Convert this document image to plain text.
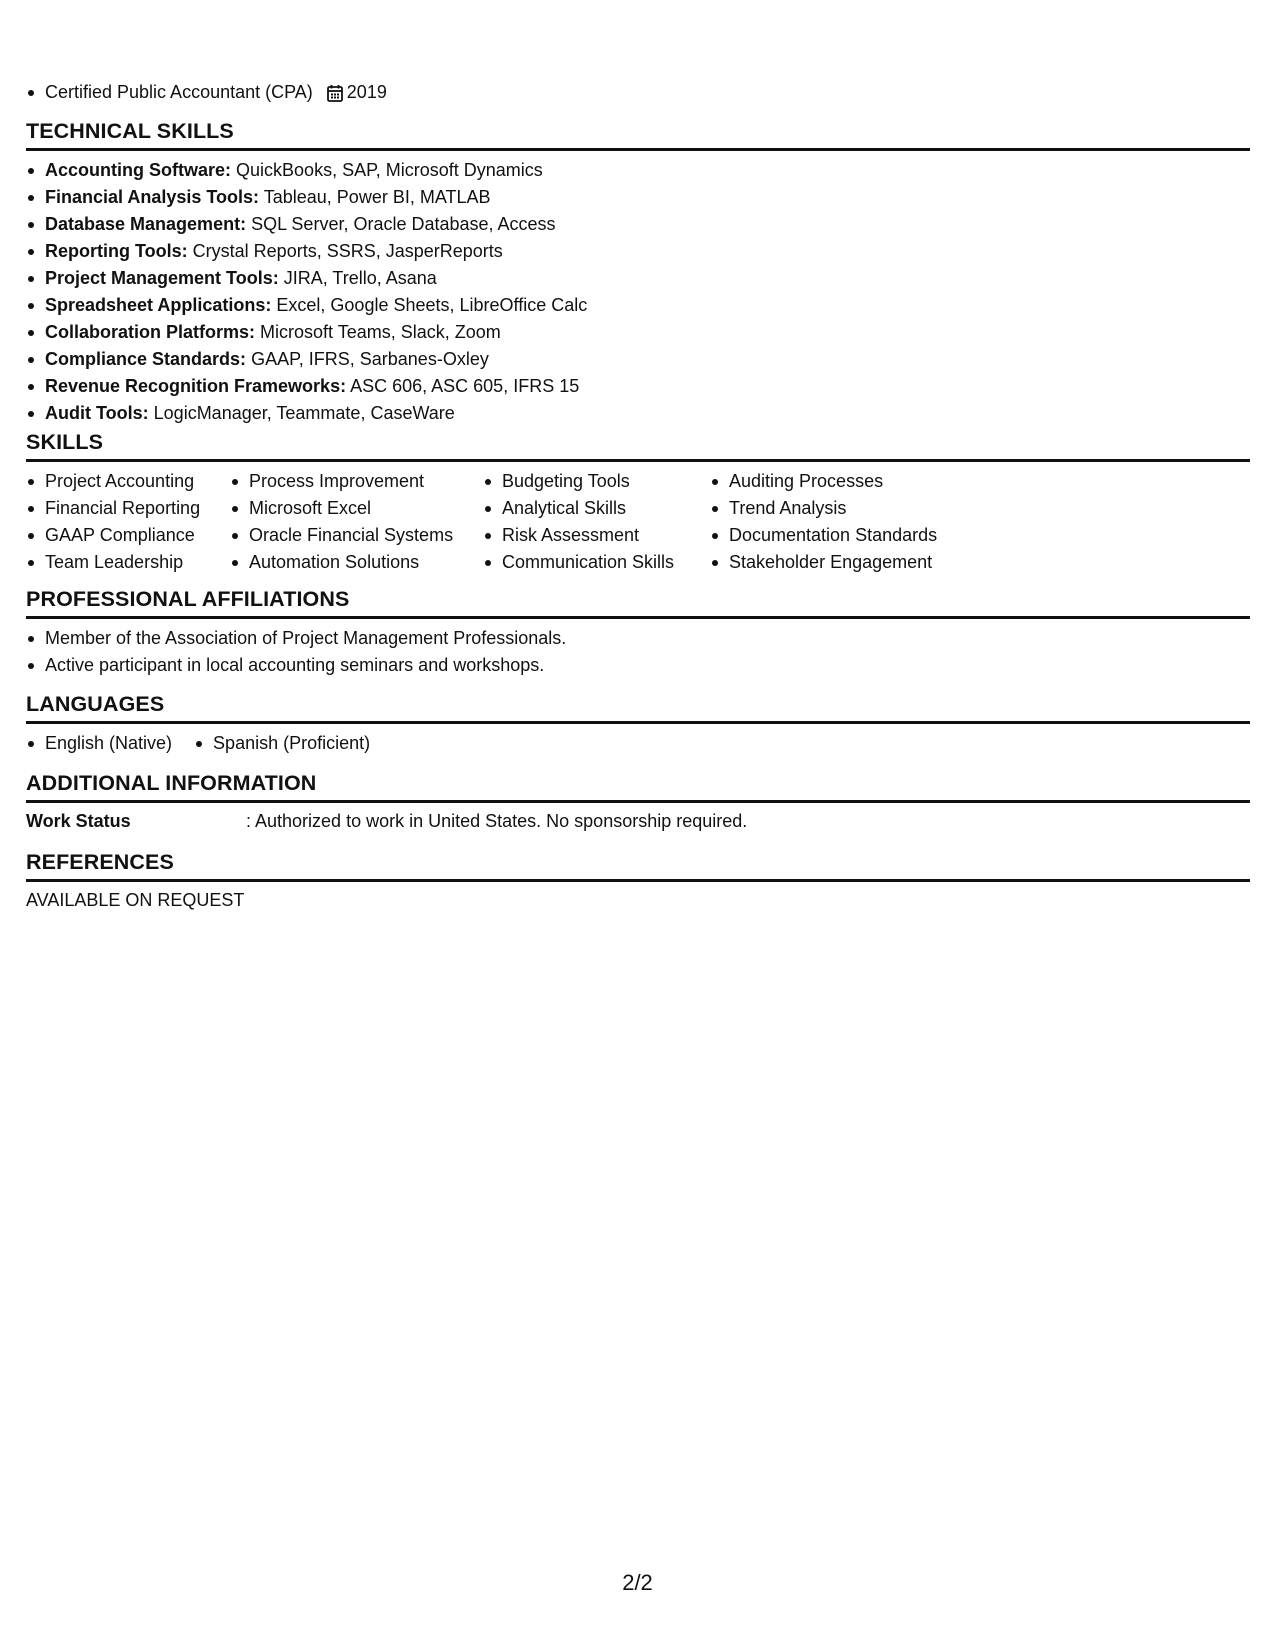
Certified Public Accountant (CPA) 2019
TECHNICAL SKILLS
Accounting Software: QuickBooks, SAP, Microsoft Dynamics
Financial Analysis Tools: Tableau, Power BI, MATLAB
Database Management: SQL Server, Oracle Database, Access
Reporting Tools: Crystal Reports, SSRS, JasperReports
Project Management Tools: JIRA, Trello, Asana
Spreadsheet Applications: Excel, Google Sheets, LibreOffice Calc
Collaboration Platforms: Microsoft Teams, Slack, Zoom
Compliance Standards: GAAP, IFRS, Sarbanes-Oxley
Revenue Recognition Frameworks: ASC 606, ASC 605, IFRS 15
Audit Tools: LogicManager, Teammate, CaseWare
SKILLS
Project Accounting
Financial Reporting
GAAP Compliance
Team Leadership
Process Improvement
Microsoft Excel
Oracle Financial Systems
Automation Solutions
Budgeting Tools
Analytical Skills
Risk Assessment
Communication Skills
Auditing Processes
Trend Analysis
Documentation Standards
Stakeholder Engagement
PROFESSIONAL AFFILIATIONS
Member of the Association of Project Management Professionals.
Active participant in local accounting seminars and workshops.
LANGUAGES
English (Native)	Spanish (Proficient)
ADDITIONAL INFORMATION
Work Status	: Authorized to work in United States. No sponsorship required.
REFERENCES
AVAILABLE ON REQUEST
2/2
